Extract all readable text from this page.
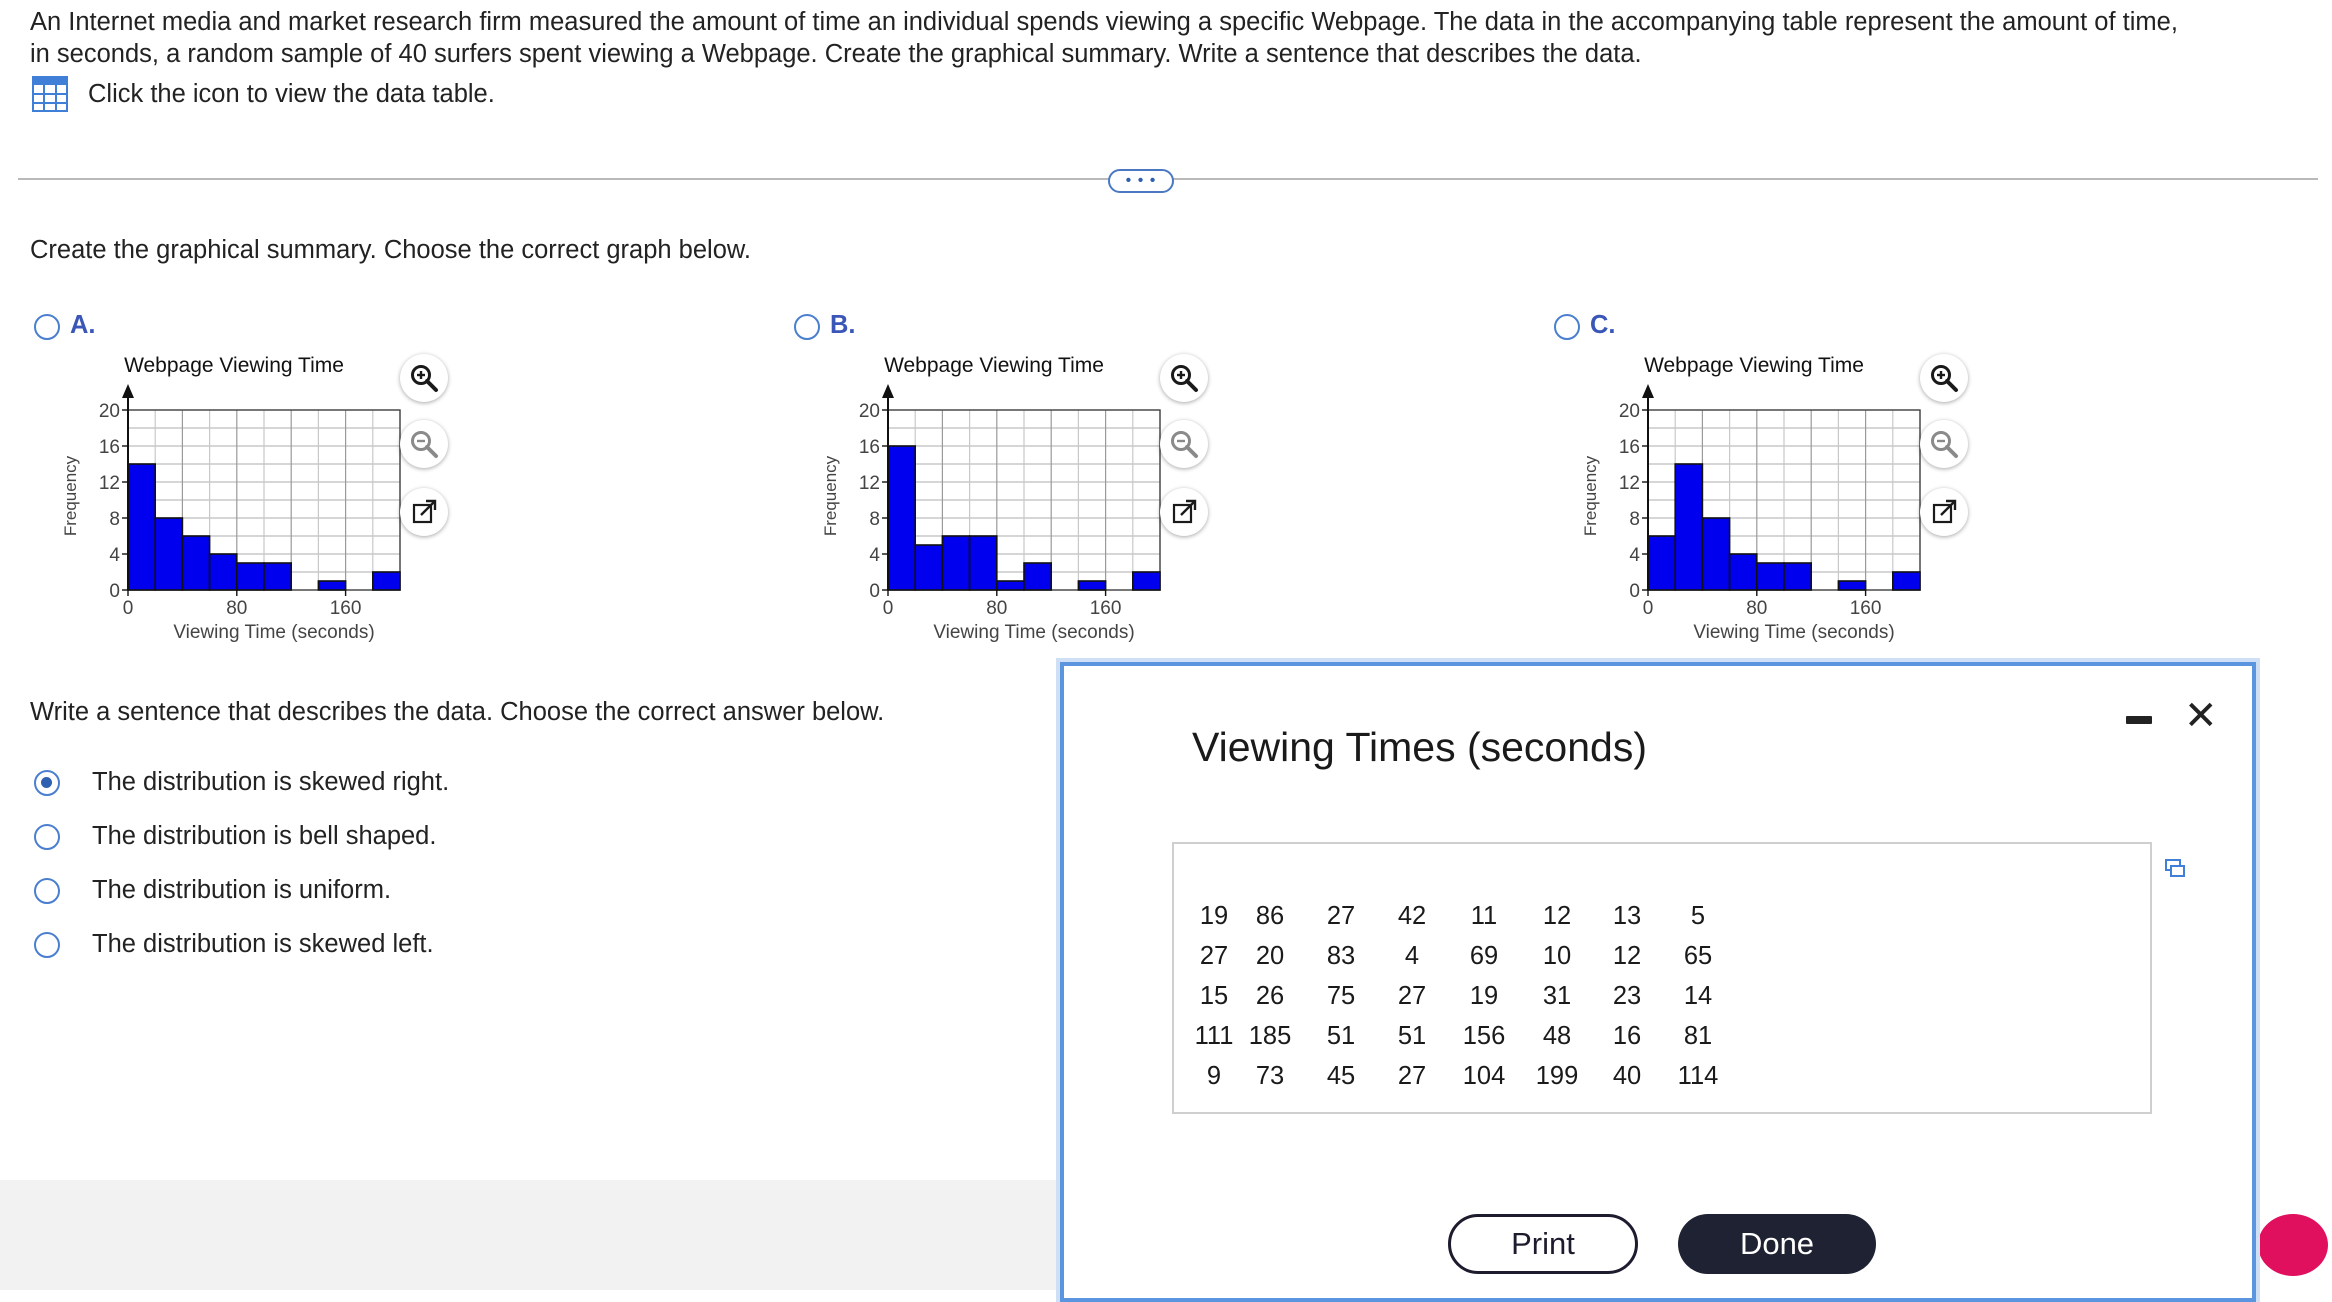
An Internet media and market research firm measured the amount of time an individual spends viewing a specific Webpage. The data in the accompanying table represent the amount of time,
in seconds, a random sample of 40 surfers spent viewing a Webpage. Create the graphical summary. Write a sentence that describes the data.
Click the icon to view the data table.
• • •
Create the graphical summary. Choose the correct graph below.
A.
Webpage Viewing Time
0
4
8
12
16
20
0	80	160
Viewing Time (seconds)
Frequency
B.
Webpage Viewing Time
0
4
8
12
16
20
0	80	160
Viewing Time (seconds)
Frequency
C.
Webpage Viewing Time
0
4
8
12
16
20
0	80	160
Viewing Time (seconds)
Frequency
Write a sentence that describes the data. Choose the correct answer below.
The distribution is skewed right.
The distribution is bell shaped.
The distribution is uniform.
The distribution is skewed left.
Viewing Times (seconds)
✕
19	86	27	42	11	12	13	5
27	20	83	4	69	10	12	65
15	26	75	27	19	31	23	14
111	185	51	51	156	48	16	81
9	73	45	27	104	199	40	114
Print	Done
